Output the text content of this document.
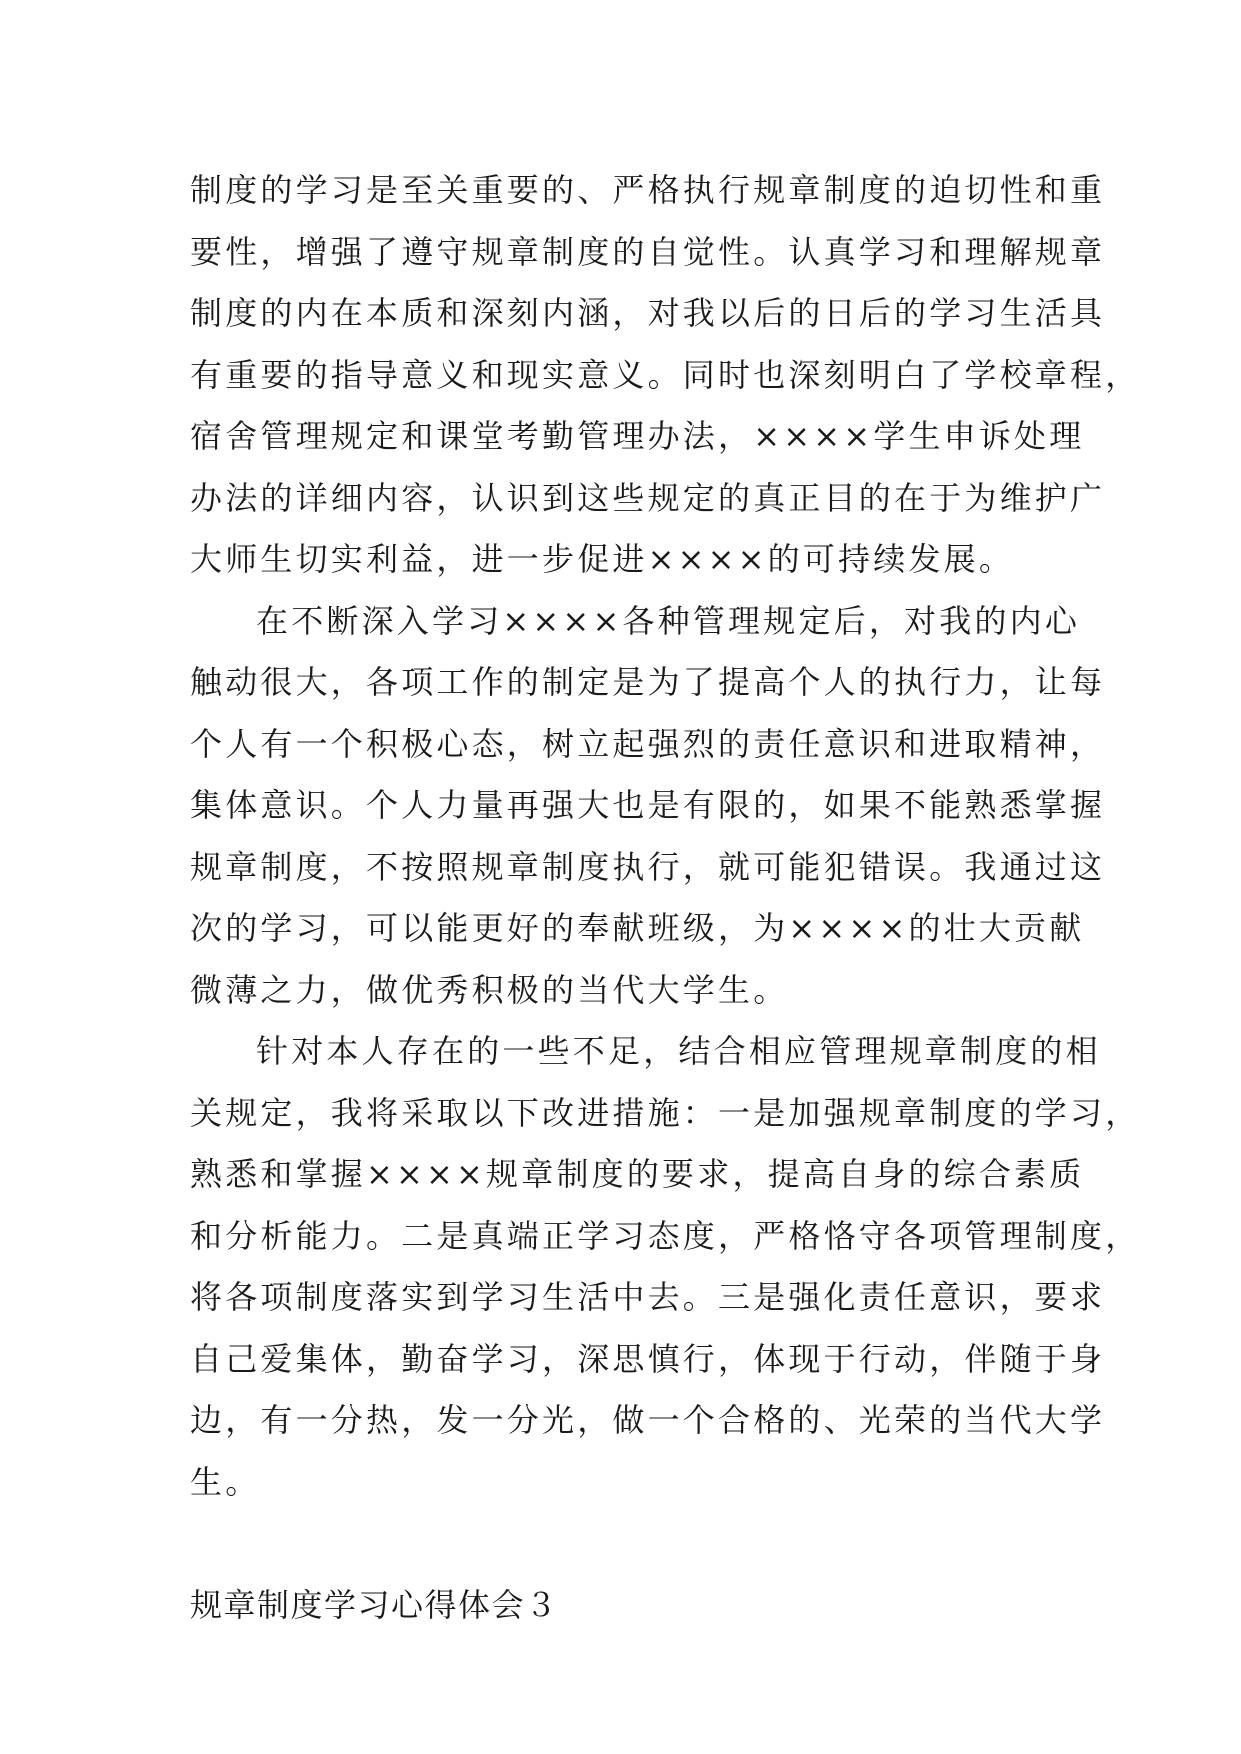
制度的学习是至关重要的、严格执行规章制度的迫切性和重
要性，增强了遵守规章制度的自觉性。认真学习和理解规章
制度的内在本质和深刻内涵，对我以后的日后的学习生活具
有重要的指导意义和现实意义。同时也深刻明白了学校章程，
宿舍管理规定和课堂考勤管理办法，××××学生申诉处理
办法的详细内容，认识到这些规定的真正目的在于为维护广
大师生切实利益，进一步促进××××的可持续发展。
在不断深入学习××××各种管理规定后，对我的内心
触动很大，各项工作的制定是为了提高个人的执行力，让每
个人有一个积极心态，树立起强烈的责任意识和进取精神，
集体意识。个人力量再强大也是有限的，如果不能熟悉掌握
规章制度，不按照规章制度执行，就可能犯错误。我通过这
次的学习，可以能更好的奉献班级，为××××的壮大贡献
微薄之力，做优秀积极的当代大学生。
针对本人存在的一些不足，结合相应管理规章制度的相
关规定，我将采取以下改进措施：一是加强规章制度的学习，
熟悉和掌握××××规章制度的要求，提高自身的综合素质
和分析能力。二是真端正学习态度，严格恪守各项管理制度，
将各项制度落实到学习生活中去。三是强化责任意识，要求
自己爱集体，勤奋学习，深思慎行，体现于行动，伴随于身
边，有一分热，发一分光，做一个合格的、光荣的当代大学
生。
规章制度学习心得体会３
